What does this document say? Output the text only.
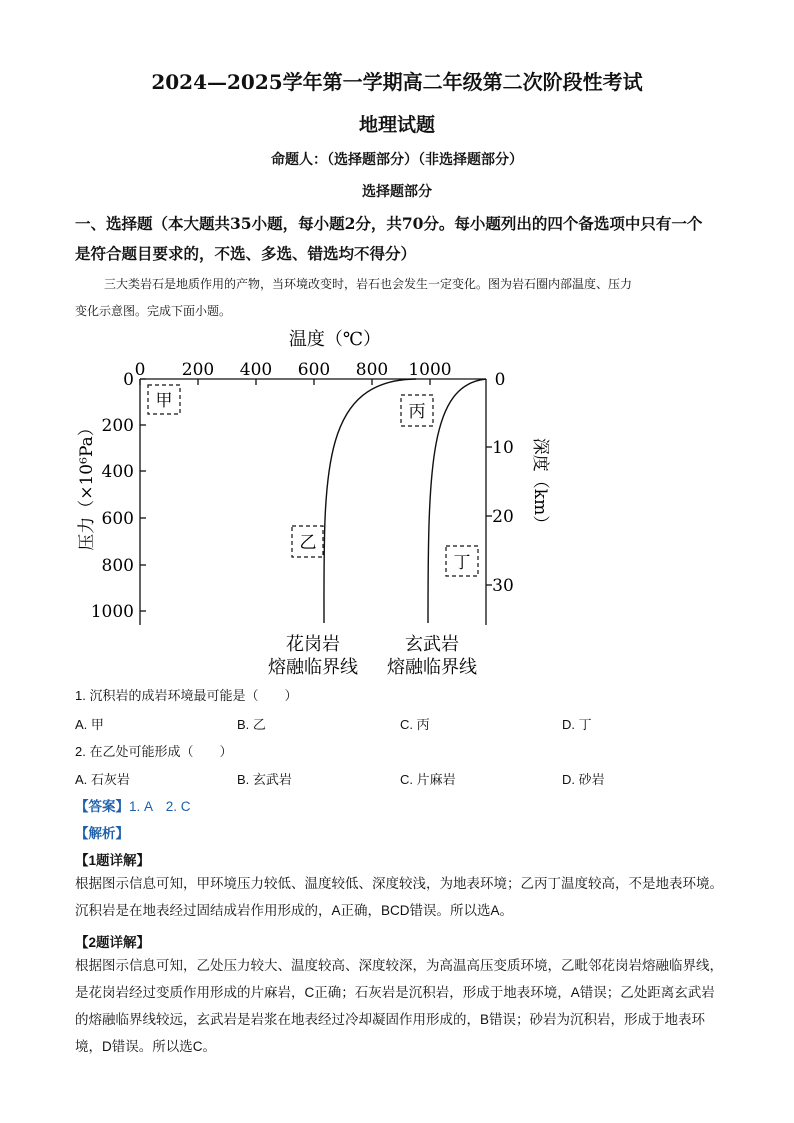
2024—2025学年第一学期高二年级第二次阶段性考试
地理试题
命题人：（选择题部分）（非选择题部分）
选择题部分
一、选择题（本大题共35小题，每小题2分，共70分。每小题列出的四个备选项中只有一个
是符合题目要求的，不选、多选、错选均不得分）
三大类岩石是地质作用的产物，当环境改变时，岩石也会发生一定变化。图为岩石圈内部温度、压力
变化示意图。完成下面小题。
温度（℃）
0 200 400 600 800 1000
0
200
400
600
800
1000
压力（×10⁶Pa）
0
10
20
30
深度（km）
甲
丙
乙
丁
花岗岩
熔融临界线
玄武岩
熔融临界线
1. 沉积岩的成岩环境最可能是（　　）
A. 甲	B. 乙	C. 丙	D. 丁
2. 在乙处可能形成（　　）
A. 石灰岩	B. 玄武岩	C. 片麻岩	D. 砂岩
【答案】1. A　2. C
【解析】
【1题详解】
根据图示信息可知，甲环境压力较低、温度较低、深度较浅，为地表环境；乙丙丁温度较高，不是地表环境。沉积岩是在地表经过固结成岩作用形成的，A正确，BCD错误。所以选A。
【2题详解】
根据图示信息可知，乙处压力较大、温度较高、深度较深，为高温高压变质环境，乙毗邻花岗岩熔融临界线，是花岗岩经过变质作用形成的片麻岩，C正确；石灰岩是沉积岩，形成于地表环境，A错误；乙处距离玄武岩的熔融临界线较远，玄武岩是岩浆在地表经过冷却凝固作用形成的，B错误；砂岩为沉积岩，形成于地表环境，D错误。所以选C。
